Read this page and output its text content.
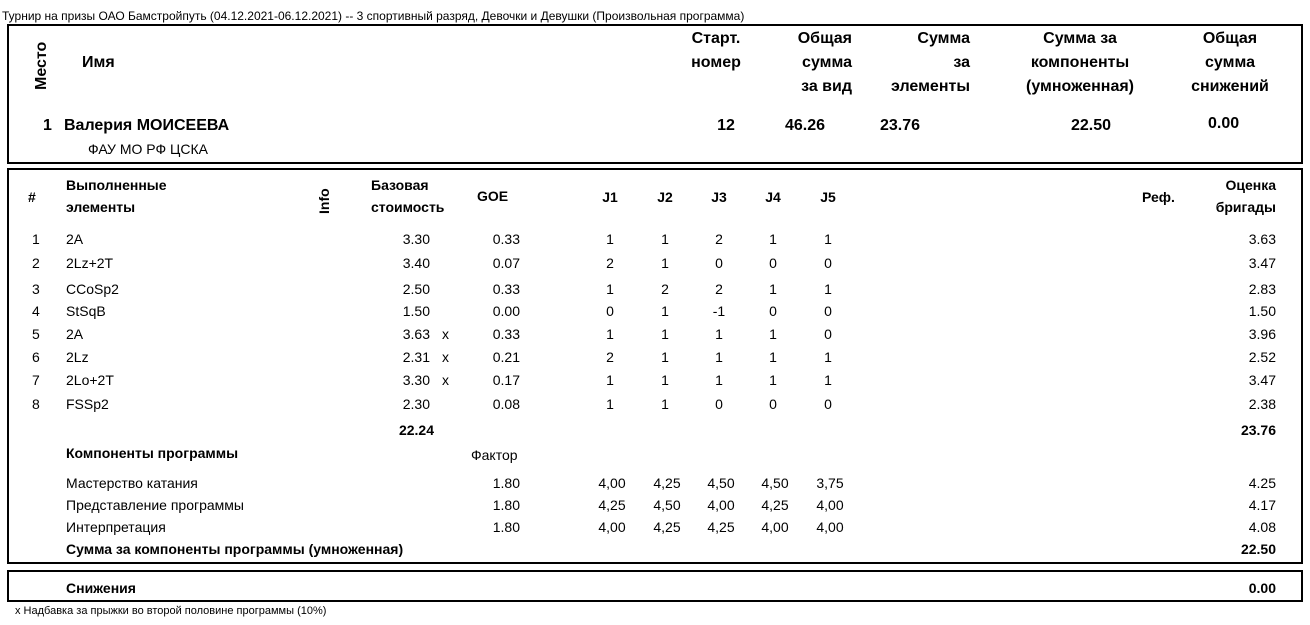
Турнир на призы ОАО Бамстройпуть (04.12.2021-06.12.2021) -- 3 спортивный разряд, Девочки и Девушки (Произвольная программа)
Место Имя
Старт.
номер
Общая
сумма
за вид
Сумма
за
элементы
Сумма за
компоненты
(умноженная)
Общая
сумма
снижений
1 Валерия МОИСЕЕВА
ФАУ МО РФ ЦСКА
12	46.26	23.76	22.50	0.00
#
Выполненные
элементы	Info
Базовая
стоимость
GOE	J1	J2	J3	J4	J5	Реф.
Оценка
бригады
1 2A	3.30	0.33	1	1	2	1	1	3.63
2 2Lz+2T	3.40	0.07	2	1	0	0	0	3.47
3 CCoSp2	2.50	0.33	1	2	2	1	1	2.83
4 StSqB	1.50	0.00	0	1	-1	0	0	1.50
5 2A	3.63 x	0.33	1	1	1	1	0	3.96
6 2Lz	2.31 x	0.21	2	1	1	1	1	2.52
7 2Lo+2T	3.30 x	0.17	1	1	1	1	1	3.47
8 FSSp2	2.30	0.08	1	1	0	0	0	2.38
22.24	23.76
Компоненты программы	Фактор
Мастерство катания	1.80	4,00	4,25	4,50	4,50	3,75	4.25
Представление программы	1.80	4,25	4,50	4,00	4,25	4,00	4.17
Интерпретация	1.80	4,00	4,25	4,25	4,00	4,00	4.08
Сумма за компоненты программы (умноженная)	22.50
Снижения	0.00
x Надбавка за прыжки во второй половине программы (10%)
